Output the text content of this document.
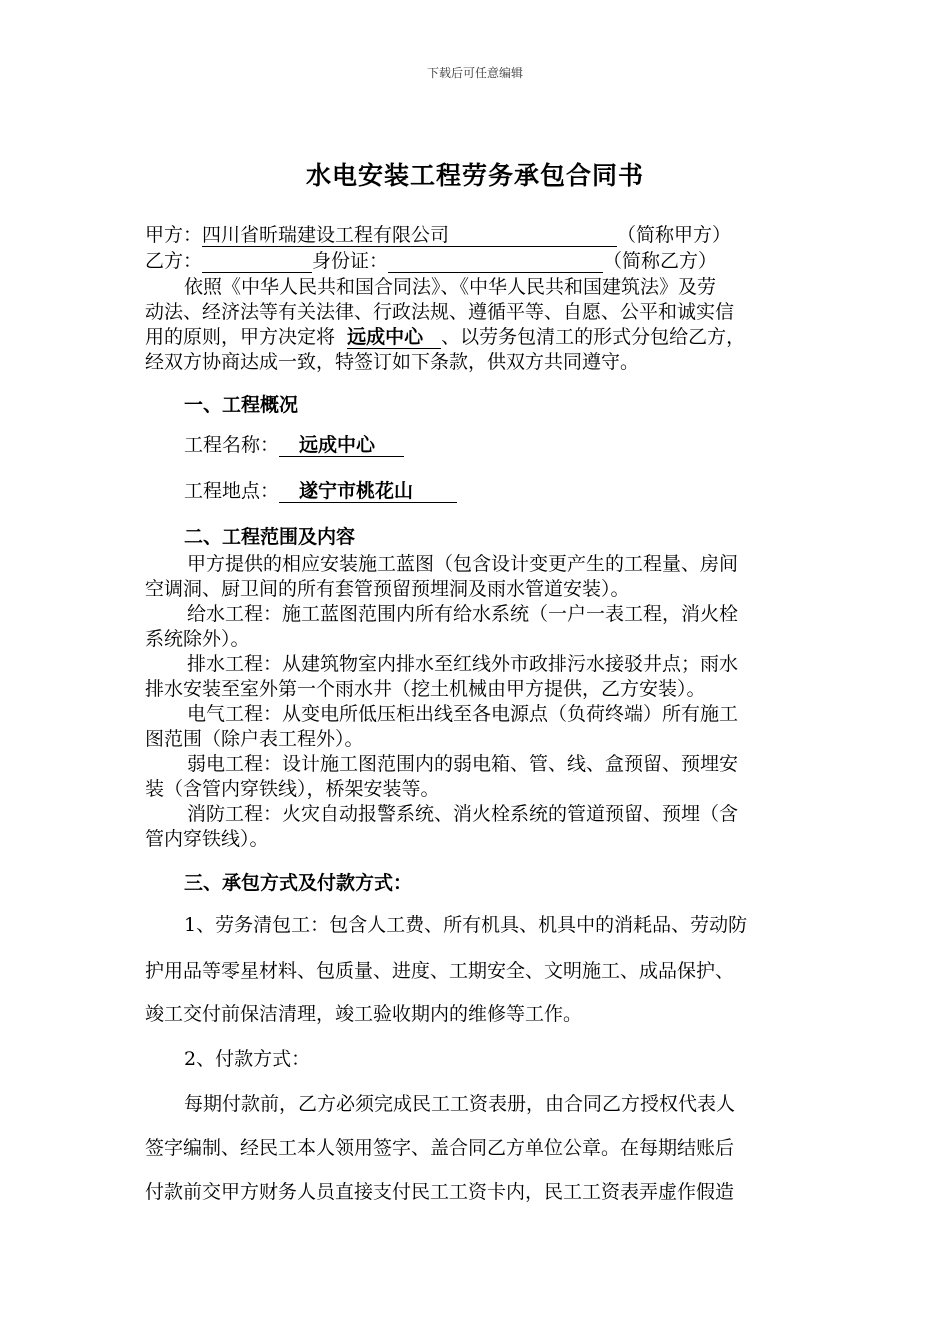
下载后可任意编辑
水电安装工程劳务承包合同书
甲方：四川省昕瑞建设工程有限公司	（简称甲方）
乙方：	身份证：	（简称乙方）
依照《中华人民共和国合同法》、《中华人民共和国建筑法》及劳
动法、经济法等有关法律、行政法规、遵循平等、自愿、公平和诚实信
用的原则，甲方决定将 远成中心 、以劳务包清工的形式分包给乙方，
经双方协商达成一致，特签订如下条款，供双方共同遵守。
一、工程概况
工程名称： 远成中心
工程地点： 遂宁市桃花山
二、工程范围及内容
甲方提供的相应安装施工蓝图（包含设计变更产生的工程量、房间
空调洞、厨卫间的所有套管预留预埋洞及雨水管道安装）。
给水工程：施工蓝图范围内所有给水系统（一户一表工程，消火栓
系统除外）。
排水工程：从建筑物室内排水至红线外市政排污水接驳井点；雨水
排水安装至室外第一个雨水井（挖土机械由甲方提供，乙方安装）。
电气工程：从变电所低压柜出线至各电源点（负荷终端）所有施工
图范围（除户表工程外）。
弱电工程：设计施工图范围内的弱电箱、管、线、盒预留、预埋安
装（含管内穿铁线），桥架安装等。
消防工程：火灾自动报警系统、消火栓系统的管道预留、预埋（含
管内穿铁线）。
三、承包方式及付款方式：
1、劳务清包工：包含人工费、所有机具、机具中的消耗品、劳动防
护用品等零星材料、包质量、进度、工期安全、文明施工、成品保护、
竣工交付前保洁清理，竣工验收期内的维修等工作。
2、付款方式：
每期付款前，乙方必须完成民工工资表册，由合同乙方授权代表人
签字编制、经民工本人领用签字、盖合同乙方单位公章。在每期结账后
付款前交甲方财务人员直接支付民工工资卡内，民工工资表弄虚作假造
